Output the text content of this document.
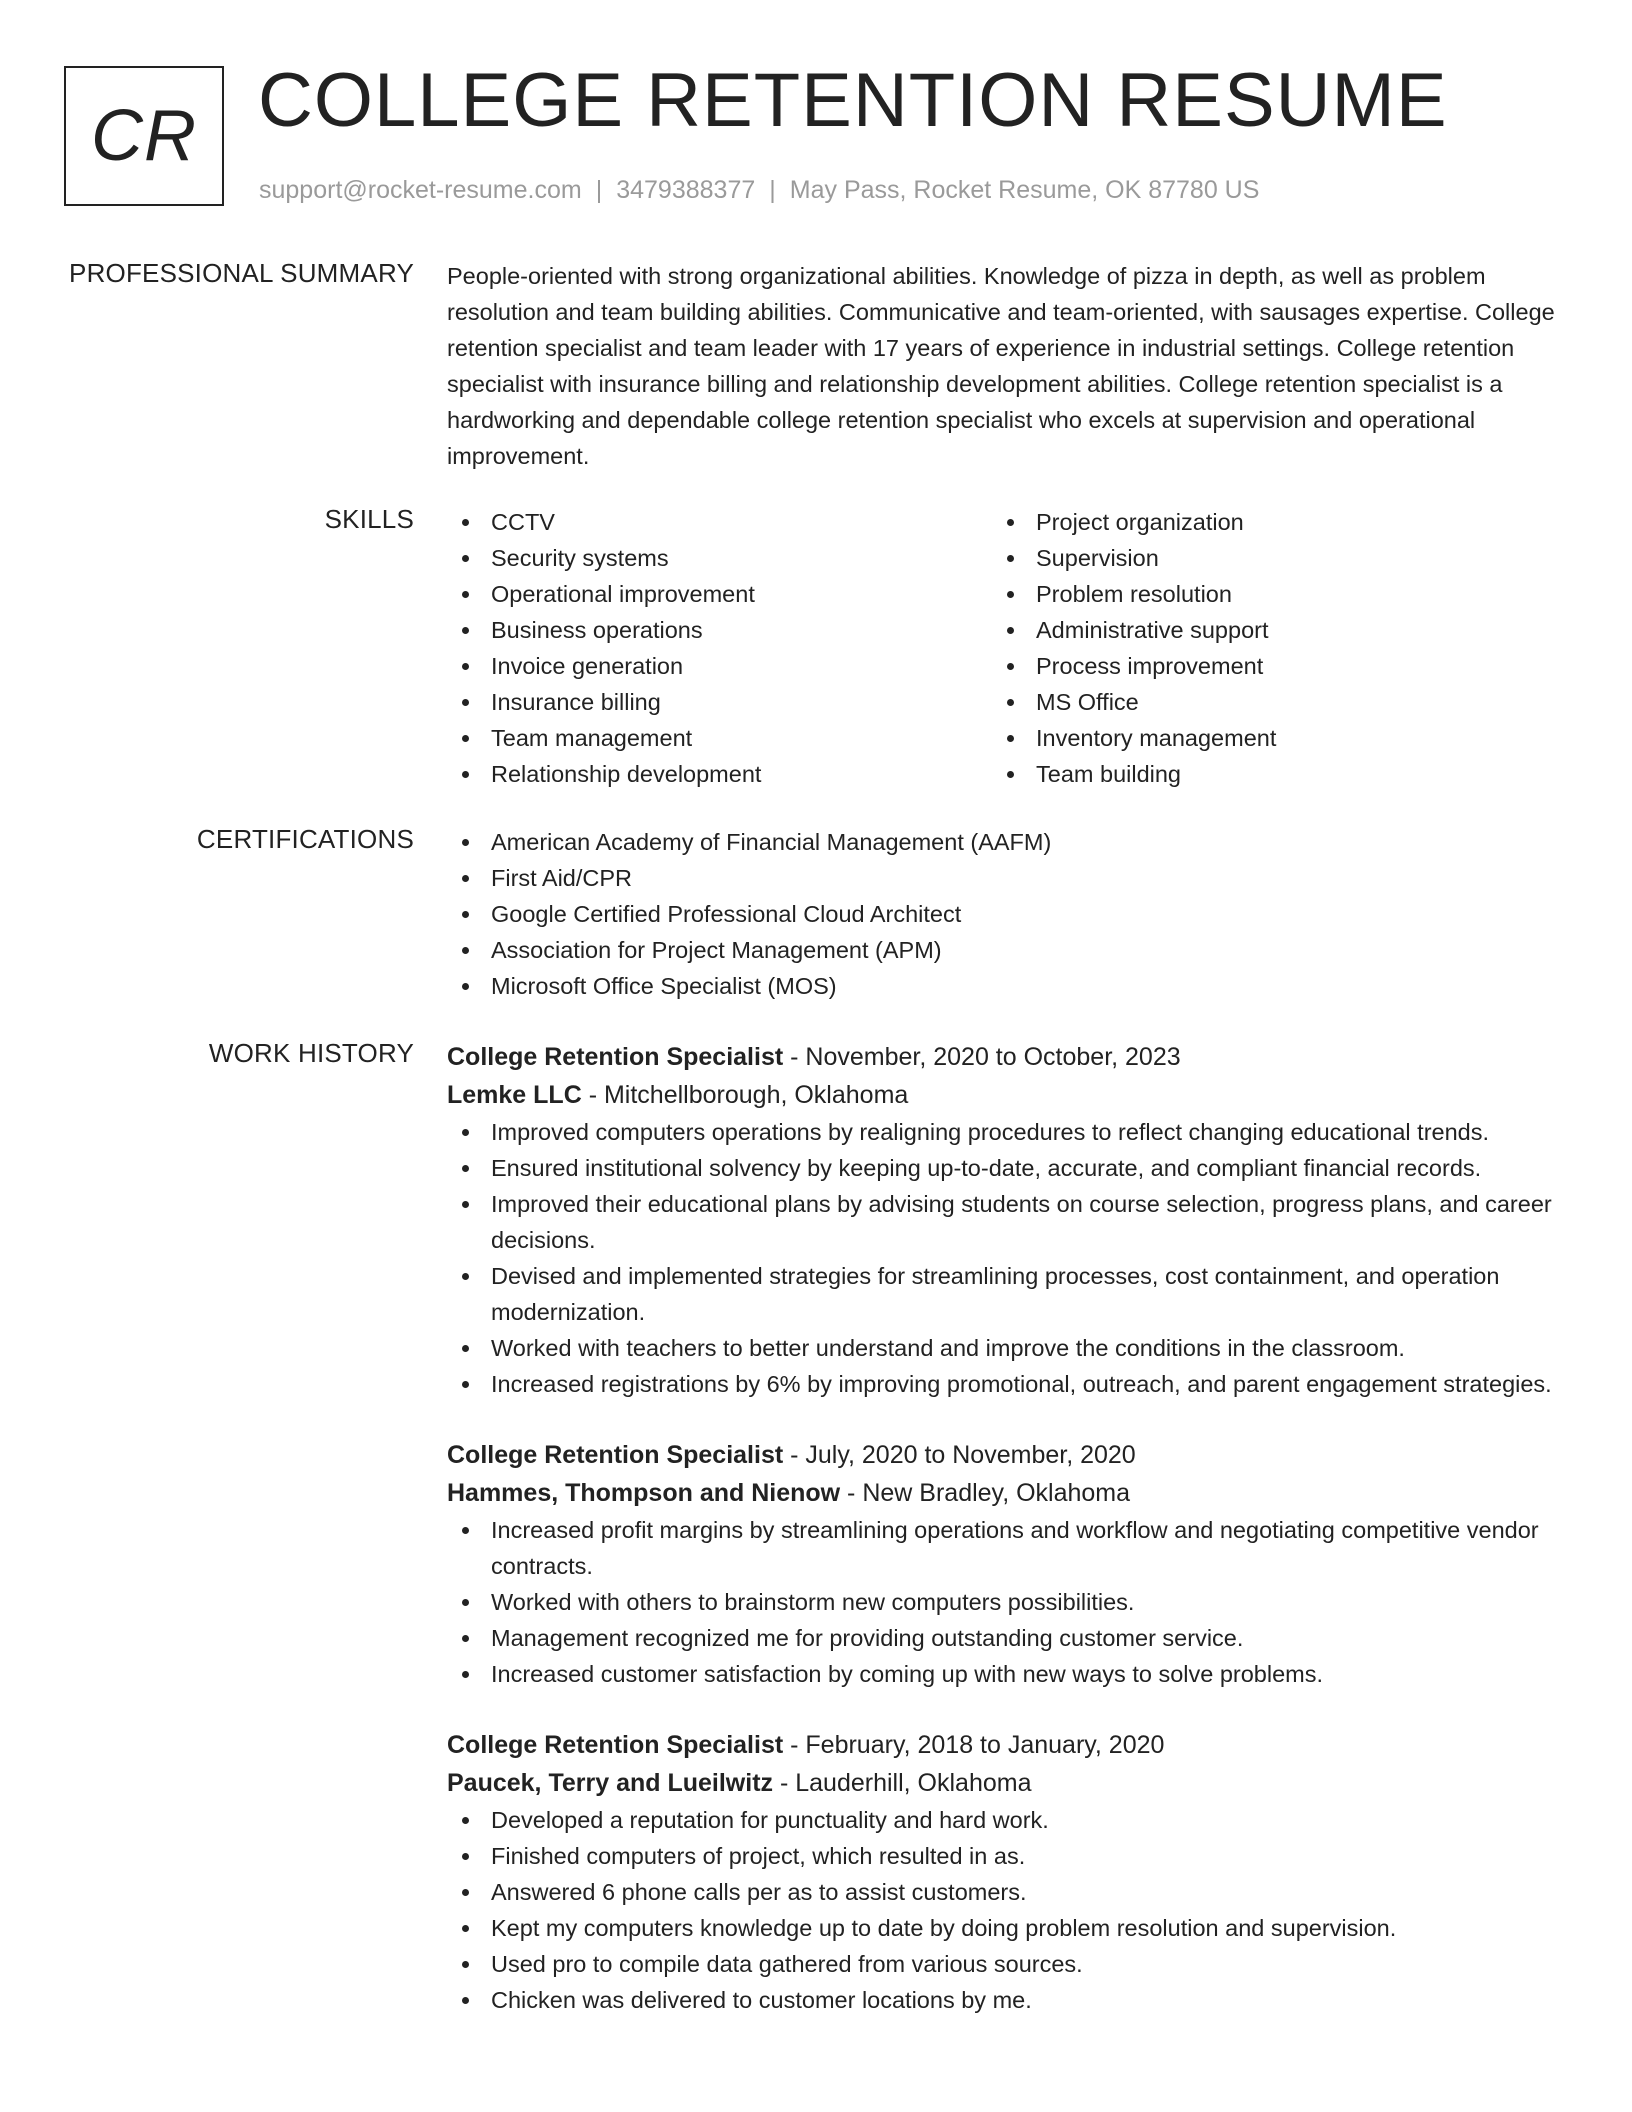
CR COLLEGE RETENTION RESUME
support@rocket-resume.com | 3479388377 | May Pass, Rocket Resume, OK 87780 US
PROFESSIONAL SUMMARY People-oriented with strong organizational abilities. Knowledge of pizza in depth, as well as problem resolution and team building abilities. Communicative and team-oriented, with sausages expertise. College retention specialist and team leader with 17 years of experience in industrial settings. College retention specialist with insurance billing and relationship development abilities. College retention specialist is a hardworking and dependable college retention specialist who excels at supervision and operational improvement.
SKILLS	CCTV
Security systems
Operational improvement
Business operations
Invoice generation
Insurance billing
Team management
Relationship development
Project organization
Supervision
Problem resolution
Administrative support
Process improvement
MS Office
Inventory management
Team building
CERTIFICATIONS	American Academy of Financial Management (AAFM)
First Aid/CPR
Google Certified Professional Cloud Architect
Association for Project Management (APM)
Microsoft Office Specialist (MOS)
WORK HISTORY College Retention Specialist - November, 2020 to October, 2023
Lemke LLC - Mitchellborough, Oklahoma
Improved computers operations by realigning procedures to reflect changing educational trends.
Ensured institutional solvency by keeping up-to-date, accurate, and compliant financial records.
Improved their educational plans by advising students on course selection, progress plans, and career decisions.
Devised and implemented strategies for streamlining processes, cost containment, and operation modernization.
Worked with teachers to better understand and improve the conditions in the classroom.
Increased registrations by 6% by improving promotional, outreach, and parent engagement strategies.
College Retention Specialist - July, 2020 to November, 2020
Hammes, Thompson and Nienow - New Bradley, Oklahoma
Increased profit margins by streamlining operations and workflow and negotiating competitive vendor contracts.
Worked with others to brainstorm new computers possibilities.
Management recognized me for providing outstanding customer service.
Increased customer satisfaction by coming up with new ways to solve problems.
College Retention Specialist - February, 2018 to January, 2020
Paucek, Terry and Lueilwitz - Lauderhill, Oklahoma
Developed a reputation for punctuality and hard work.
Finished computers of project, which resulted in as.
Answered 6 phone calls per as to assist customers.
Kept my computers knowledge up to date by doing problem resolution and supervision.
Used pro to compile data gathered from various sources.
Chicken was delivered to customer locations by me.
